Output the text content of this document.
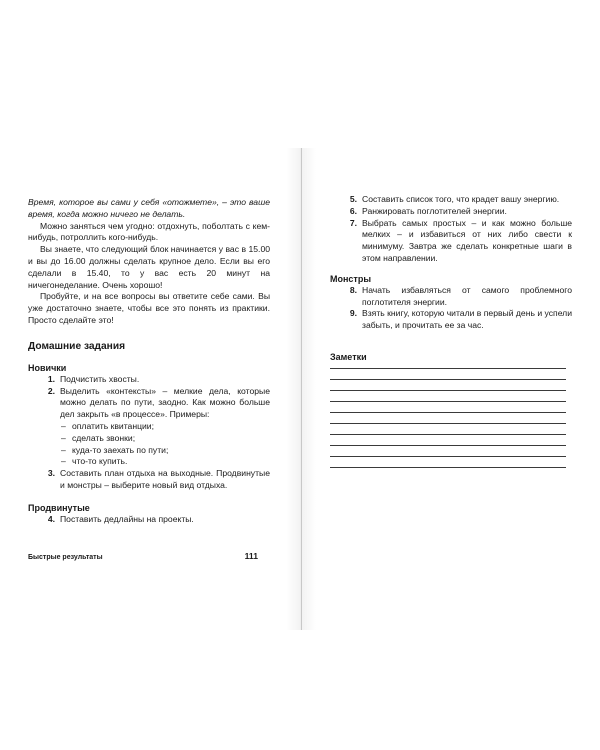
Время, которое вы сами у себя «отожмете», – это ваше время, когда можно ничего не делать.

Можно заняться чем угодно: отдохнуть, поболтать с кем-нибудь, потроллить кого-нибудь.

Вы знаете, что следующий блок начинается у вас в 15.00 и вы до 16.00 должны сделать крупное дело. Если вы его сделали в 15.40, то у вас есть 20 минут на ничегонеделание. Очень хорошо!

Пробуйте, и на все вопросы вы ответите себе сами. Вы уже достаточно знаете, чтобы все это понять из практики. Просто сделайте это!

Домашние задания
Новички
1. Подчистить хвосты.
2. Выделить «контексты» – мелкие дела, которые можно делать по пути, заодно. Как можно больше дел закрыть «в процессе». Примеры:
– оплатить квитанции;
– сделать звонки;
– куда-то заехать по пути;
– что-то купить.
3. Составить план отдыха на выходные. Продвинутые и монстры – выберите новый вид отдыха.
Продвинутые
4. Поставить дедлайны на проекты.
Быстрые результаты	111
5. Составить список того, что крадет вашу энергию.
6. Ранжировать поглотителей энергии.
7. Выбрать самых простых – и как можно больше мелких – и избавиться от них либо свести к минимуму. Завтра же сделать конкретные шаги в этом направлении.
Монстры
8. Начать избавляться от самого проблемного поглотителя энергии.
9. Взять книгу, которую читали в первый день и успели забыть, и прочитать ее за час.
Заметки
